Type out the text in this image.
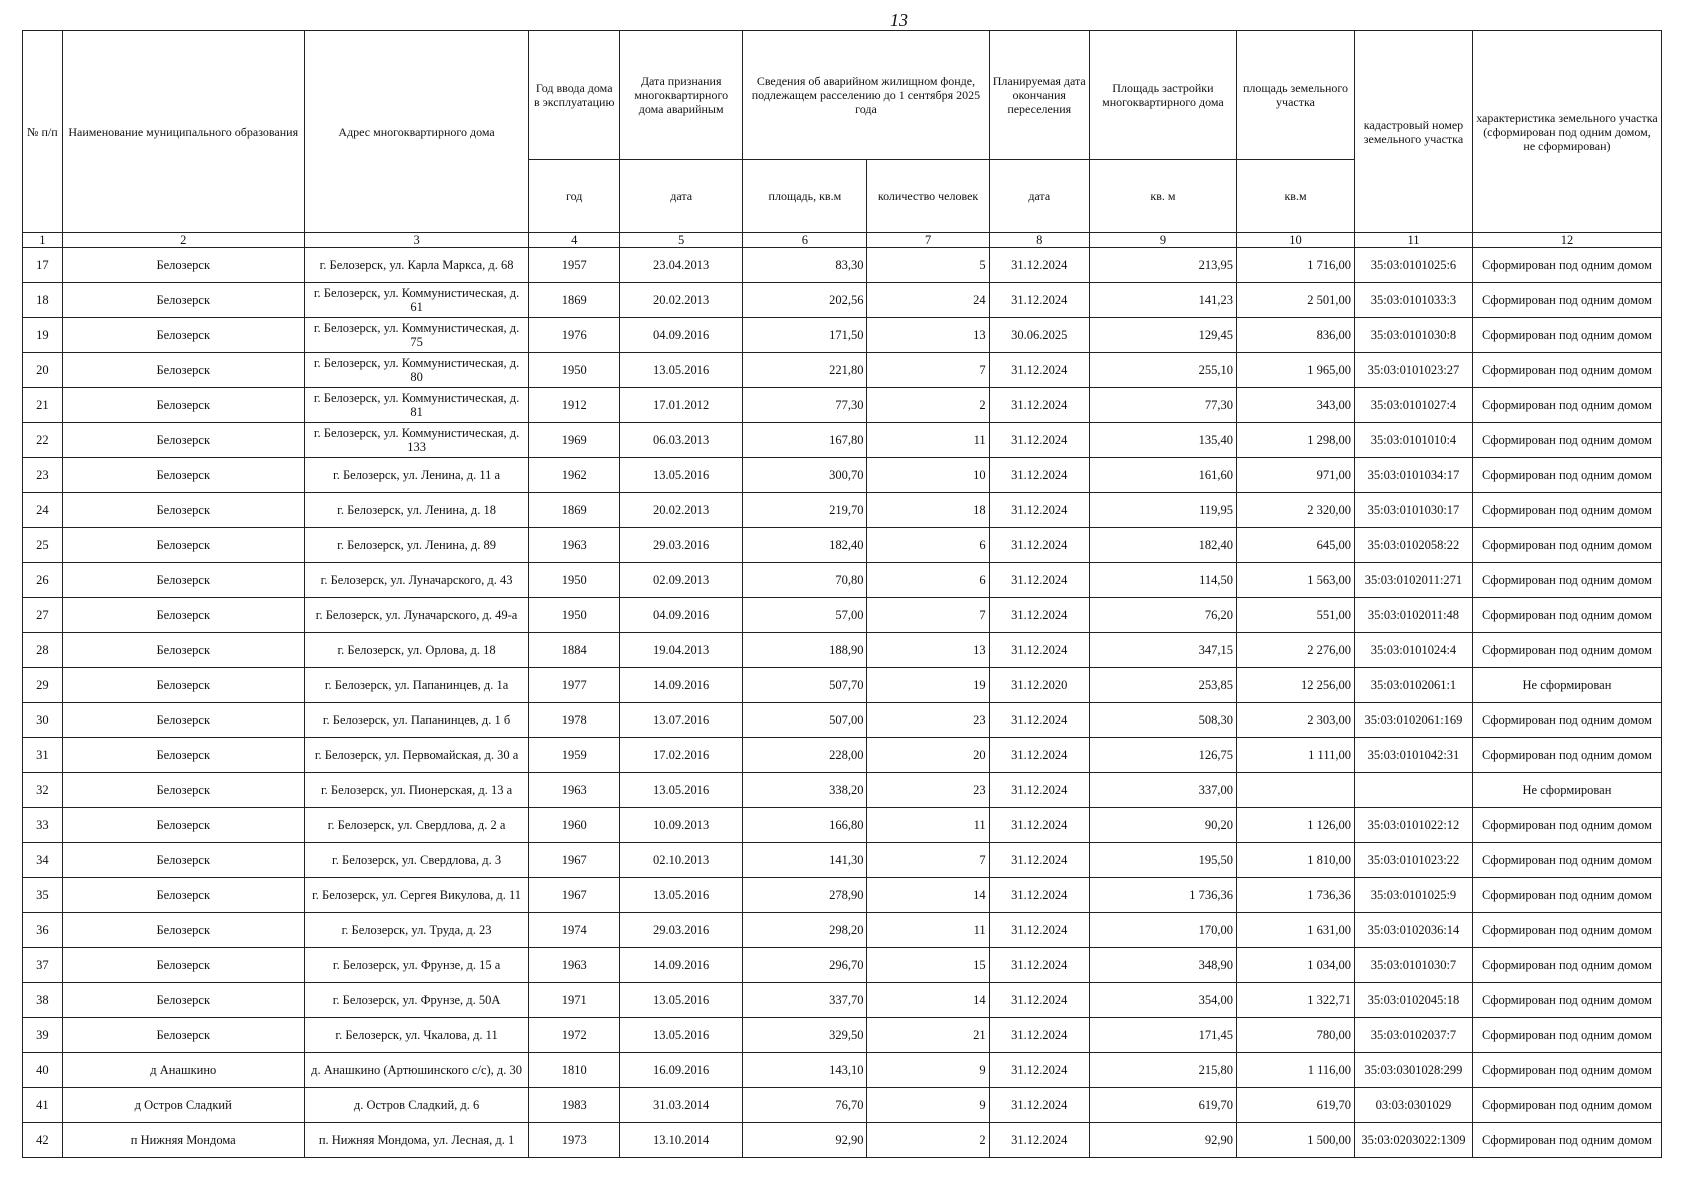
13
№ п/п	Наименование муниципального образования	Адрес многоквартирного дома	Год ввода дома в эксплуатацию	Дата признания многоквартирного дома аварийным	Сведения об аварийном жилищном фонде, подлежащем расселению до 1 сентября 2025 года		Планируемая дата окончания переселения	Площадь застройки многоквартирного дома	площадь земельного участка	кадастровый номер земельного участка	характеристика земельного участка (сформирован под одним домом, не сформирован)
			год	дата	площадь, кв.м	количество человек	дата	кв. м	кв.м		
1	2	3	4	5	6	7	8	9	10	11	12
17	Белозерск	г. Белозерск, ул. Карла Маркса, д. 68	1957	23.04.2013	83,30	5	31.12.2024	213,95	1 716,00	35:03:0101025:6	Сформирован под одним домом
18	Белозерск	г. Белозерск, ул. Коммунистическая, д. 61	1869	20.02.2013	202,56	24	31.12.2024	141,23	2 501,00	35:03:0101033:3	Сформирован под одним домом
19	Белозерск	г. Белозерск, ул. Коммунистическая, д. 75	1976	04.09.2016	171,50	13	30.06.2025	129,45	836,00	35:03:0101030:8	Сформирован под одним домом
20	Белозерск	г. Белозерск, ул. Коммунистическая, д. 80	1950	13.05.2016	221,80	7	31.12.2024	255,10	1 965,00	35:03:0101023:27	Сформирован под одним домом
21	Белозерск	г. Белозерск, ул. Коммунистическая, д. 81	1912	17.01.2012	77,30	2	31.12.2024	77,30	343,00	35:03:0101027:4	Сформирован под одним домом
22	Белозерск	г. Белозерск, ул. Коммунистическая, д. 133	1969	06.03.2013	167,80	11	31.12.2024	135,40	1 298,00	35:03:0101010:4	Сформирован под одним домом
23	Белозерск	г. Белозерск, ул. Ленина, д. 11 а	1962	13.05.2016	300,70	10	31.12.2024	161,60	971,00	35:03:0101034:17	Сформирован под одним домом
24	Белозерск	г. Белозерск, ул. Ленина, д. 18	1869	20.02.2013	219,70	18	31.12.2024	119,95	2 320,00	35:03:0101030:17	Сформирован под одним домом
25	Белозерск	г. Белозерск, ул. Ленина, д. 89	1963	29.03.2016	182,40	6	31.12.2024	182,40	645,00	35:03:0102058:22	Сформирован под одним домом
26	Белозерск	г. Белозерск, ул. Луначарского, д. 43	1950	02.09.2013	70,80	6	31.12.2024	114,50	1 563,00	35:03:0102011:271	Сформирован под одним домом
27	Белозерск	г. Белозерск, ул. Луначарского, д. 49-а	1950	04.09.2016	57,00	7	31.12.2024	76,20	551,00	35:03:0102011:48	Сформирован под одним домом
28	Белозерск	г. Белозерск, ул. Орлова, д. 18	1884	19.04.2013	188,90	13	31.12.2024	347,15	2 276,00	35:03:0101024:4	Сформирован под одним домом
29	Белозерск	г. Белозерск, ул. Папанинцев, д. 1а	1977	14.09.2016	507,70	19	31.12.2020	253,85	12 256,00	35:03:0102061:1	Не сформирован
30	Белозерск	г. Белозерск, ул. Папанинцев, д. 1 б	1978	13.07.2016	507,00	23	31.12.2024	508,30	2 303,00	35:03:0102061:169	Сформирован под одним домом
31	Белозерск	г. Белозерск, ул. Первомайская, д. 30 а	1959	17.02.2016	228,00	20	31.12.2024	126,75	1 111,00	35:03:0101042:31	Сформирован под одним домом
32	Белозерск	г. Белозерск, ул. Пионерская, д. 13 а	1963	13.05.2016	338,20	23	31.12.2024	337,00			Не сформирован
33	Белозерск	г. Белозерск, ул. Свердлова, д. 2 а	1960	10.09.2013	166,80	11	31.12.2024	90,20	1 126,00	35:03:0101022:12	Сформирован под одним домом
34	Белозерск	г. Белозерск, ул. Свердлова, д. 3	1967	02.10.2013	141,30	7	31.12.2024	195,50	1 810,00	35:03:0101023:22	Сформирован под одним домом
35	Белозерск	г. Белозерск, ул. Сергея Викулова, д. 11	1967	13.05.2016	278,90	14	31.12.2024	1 736,36	1 736,36	35:03:0101025:9	Сформирован под одним домом
36	Белозерск	г. Белозерск, ул. Труда, д. 23	1974	29.03.2016	298,20	11	31.12.2024	170,00	1 631,00	35:03:0102036:14	Сформирован под одним домом
37	Белозерск	г. Белозерск, ул. Фрунзе, д. 15 а	1963	14.09.2016	296,70	15	31.12.2024	348,90	1 034,00	35:03:0101030:7	Сформирован под одним домом
38	Белозерск	г. Белозерск, ул. Фрунзе, д. 50А	1971	13.05.2016	337,70	14	31.12.2024	354,00	1 322,71	35:03:0102045:18	Сформирован под одним домом
39	Белозерск	г. Белозерск, ул. Чкалова, д. 11	1972	13.05.2016	329,50	21	31.12.2024	171,45	780,00	35:03:0102037:7	Сформирован под одним домом
40	д Анашкино	д. Анашкино (Артюшинского с/с), д. 30	1810	16.09.2016	143,10	9	31.12.2024	215,80	1 116,00	35:03:0301028:299	Сформирован под одним домом
41	д Остров Сладкий	д. Остров Сладкий, д. 6	1983	31.03.2014	76,70	9	31.12.2024	619,70	619,70	03:03:0301029	Сформирован под одним домом
42	п Нижняя Мондома	п. Нижняя Мондома, ул. Лесная, д. 1	1973	13.10.2014	92,90	2	31.12.2024	92,90	1 500,00	35:03:0203022:1309	Сформирован под одним домом
